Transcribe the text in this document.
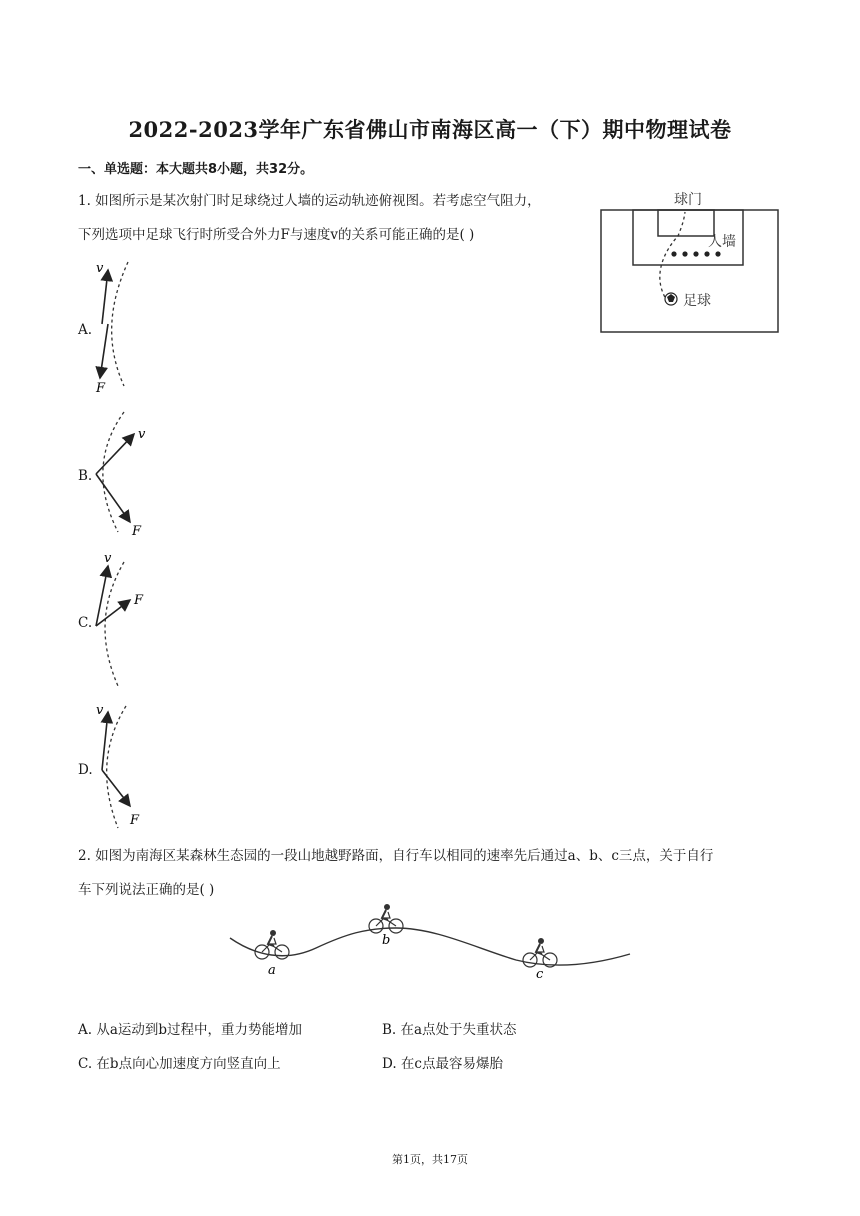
2022-2023学年广东省佛山市南海区高一（下）期中物理试卷
一、单选题：本大题共8小题，共32分。
1. 如图所示是某次射门时足球绕过人墙的运动轨迹俯视图。若考虑空气阻力，
下列选项中足球飞行时所受合外力F与速度v的关系可能正确的是( )
球门
人墙
足球
A.
v
F
B.
v
F
C.
v
F
D.
v
F
2. 如图为南海区某森林生态园的一段山地越野路面，自行车以相同的速率先后通过a、b、c三点，关于自行
车下列说法正确的是( )
a
b
c
A. 从a运动到b过程中，重力势能增加	B. 在a点处于失重状态
C. 在b点向心加速度方向竖直向上	D. 在c点最容易爆胎
第1页，共17页
